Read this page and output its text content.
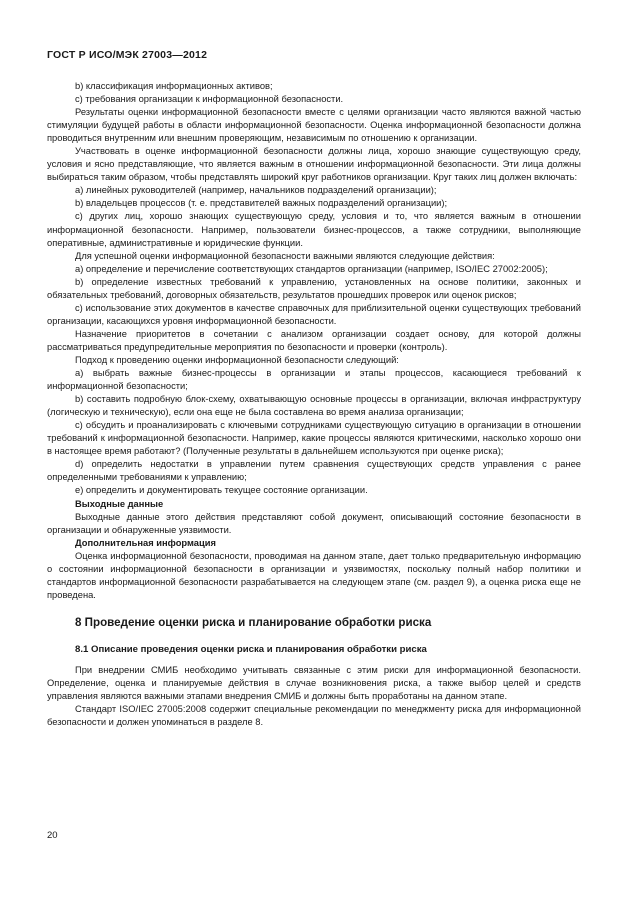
ГОСТ Р ИСО/МЭК 27003—2012

b) классификация информационных активов;

c) требования организации к информационной безопасности.

Результаты оценки информационной безопасности вместе с целями организации часто являются важной частью стимуляции будущей работы в области информационной безопасности. Оценка информационной безопасности должна проводиться внутренним или внешним проверяющим, независимым по отношению к организации.

Участвовать в оценке информационной безопасности должны лица, хорошо знающие существующую среду, условия и ясно представляющие, что является важным в отношении информационной безопасности. Эти лица должны выбираться таким образом, чтобы представлять широкий круг работников организации. Круг таких лиц должен включать:

a) линейных руководителей (например, начальников подразделений организации);

b) владельцев процессов (т. е. представителей важных подразделений организации);

c) других лиц, хорошо знающих существующую среду, условия и то, что является важным в отношении информационной безопасности. Например, пользователи бизнес-процессов, а также сотрудники, выполняющие оперативные, административные и юридические функции.

Для успешной оценки информационной безопасности важными являются следующие действия:

a) определение и перечисление соответствующих стандартов организации (например, ISO/IEC 27002:2005);

b) определение известных требований к управлению, установленных на основе политики, законных и обязательных требований, договорных обязательств, результатов прошедших проверок или оценок рисков;

c) использование этих документов в качестве справочных для приблизительной оценки существующих требований организации, касающихся уровня информационной безопасности.

Назначение приоритетов в сочетании с анализом организации создает основу, для которой должны рассматриваться предупредительные мероприятия по безопасности и проверки (контроль).

Подход к проведению оценки информационной безопасности следующий:

a) выбрать важные бизнес-процессы в организации и этапы процессов, касающиеся требований к информационной безопасности;

b) составить подробную блок-схему, охватывающую основные процессы в организации, включая инфраструктуру (логическую и техническую), если она еще не была составлена во время анализа организации;

c) обсудить и проанализировать с ключевыми сотрудниками существующую ситуацию в организации в отношении требований к информационной безопасности. Например, какие процессы являются критическими, насколько хорошо они в настоящее время работают? (Полученные результаты в дальнейшем используются при оценке риска);

d) определить недостатки в управлении путем сравнения существующих средств управления с ранее определенными требованиями к управлению;

e) определить и документировать текущее состояние организации.

Выходные данные

Выходные данные этого действия представляют собой документ, описывающий состояние безопасности в организации и обнаруженные уязвимости.

Дополнительная информация

Оценка информационной безопасности, проводимая на данном этапе, дает только предварительную информацию о состоянии информационной безопасности в организации и уязвимостях, поскольку полный набор политики и стандартов информационной безопасности разрабатывается на следующем этапе (см. раздел 9), а оценка риска еще не проведена.

8 Проведение оценки риска и планирование обработки риска
8.1 Описание проведения оценки риска и планирования обработки риска

При внедрении СМИБ необходимо учитывать связанные с этим риски для информационной безопасности. Определение, оценка и планируемые действия в случае возникновения риска, а также выбор целей и средств управления являются важными этапами внедрения СМИБ и должны быть проработаны на данном этапе.

Стандарт ISO/IEC 27005:2008 содержит специальные рекомендации по менеджменту риска для информационной безопасности и должен упоминаться в разделе 8.

20
